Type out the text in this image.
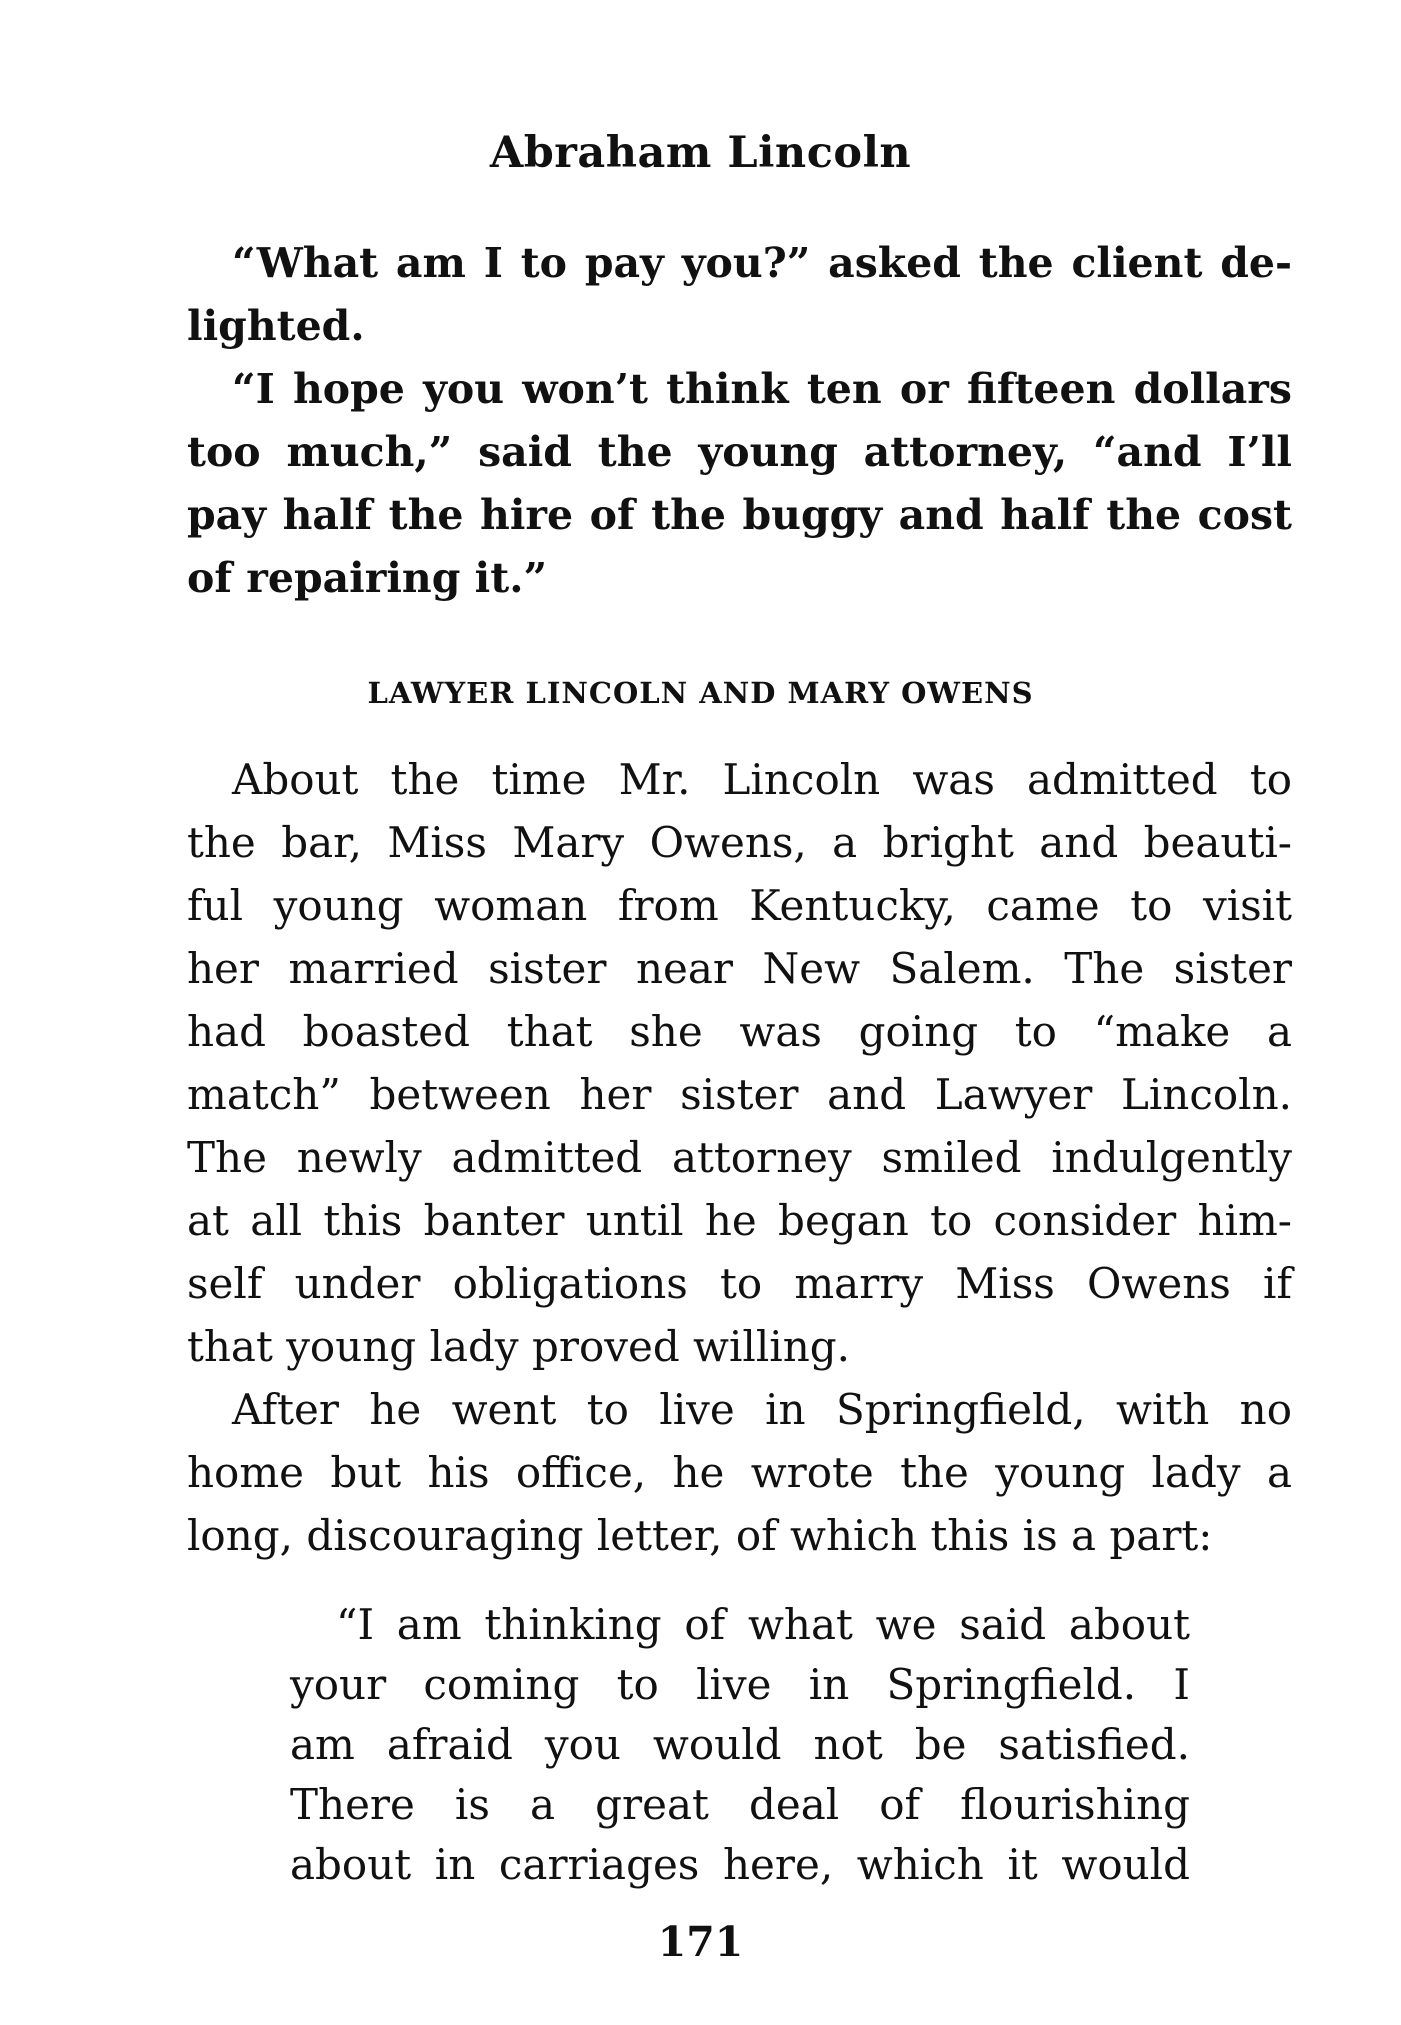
Abraham Lincoln
“What am I to pay you?” asked the client de-
lighted.
“I hope you won’t think ten or fifteen dollars
too much,” said the young attorney, “and I’ll
pay half the hire of the buggy and half the cost
of repairing it.”
LAWYER LINCOLN AND MARY OWENS
About the time Mr. Lincoln was admitted to
the bar, Miss Mary Owens, a bright and beauti-
ful young woman from Kentucky, came to visit
her married sister near New Salem. The sister
had boasted that she was going to “make a
match” between her sister and Lawyer Lincoln.
The newly admitted attorney smiled indulgently
at all this banter until he began to consider him-
self under obligations to marry Miss Owens if
that young lady proved willing.
After he went to live in Springfield, with no
home but his office, he wrote the young lady a
long, discouraging letter, of which this is a part:
“I am thinking of what we said about
your coming to live in Springfield. I
am afraid you would not be satisfied.
There is a great deal of flourishing
about in carriages here, which it would
171
